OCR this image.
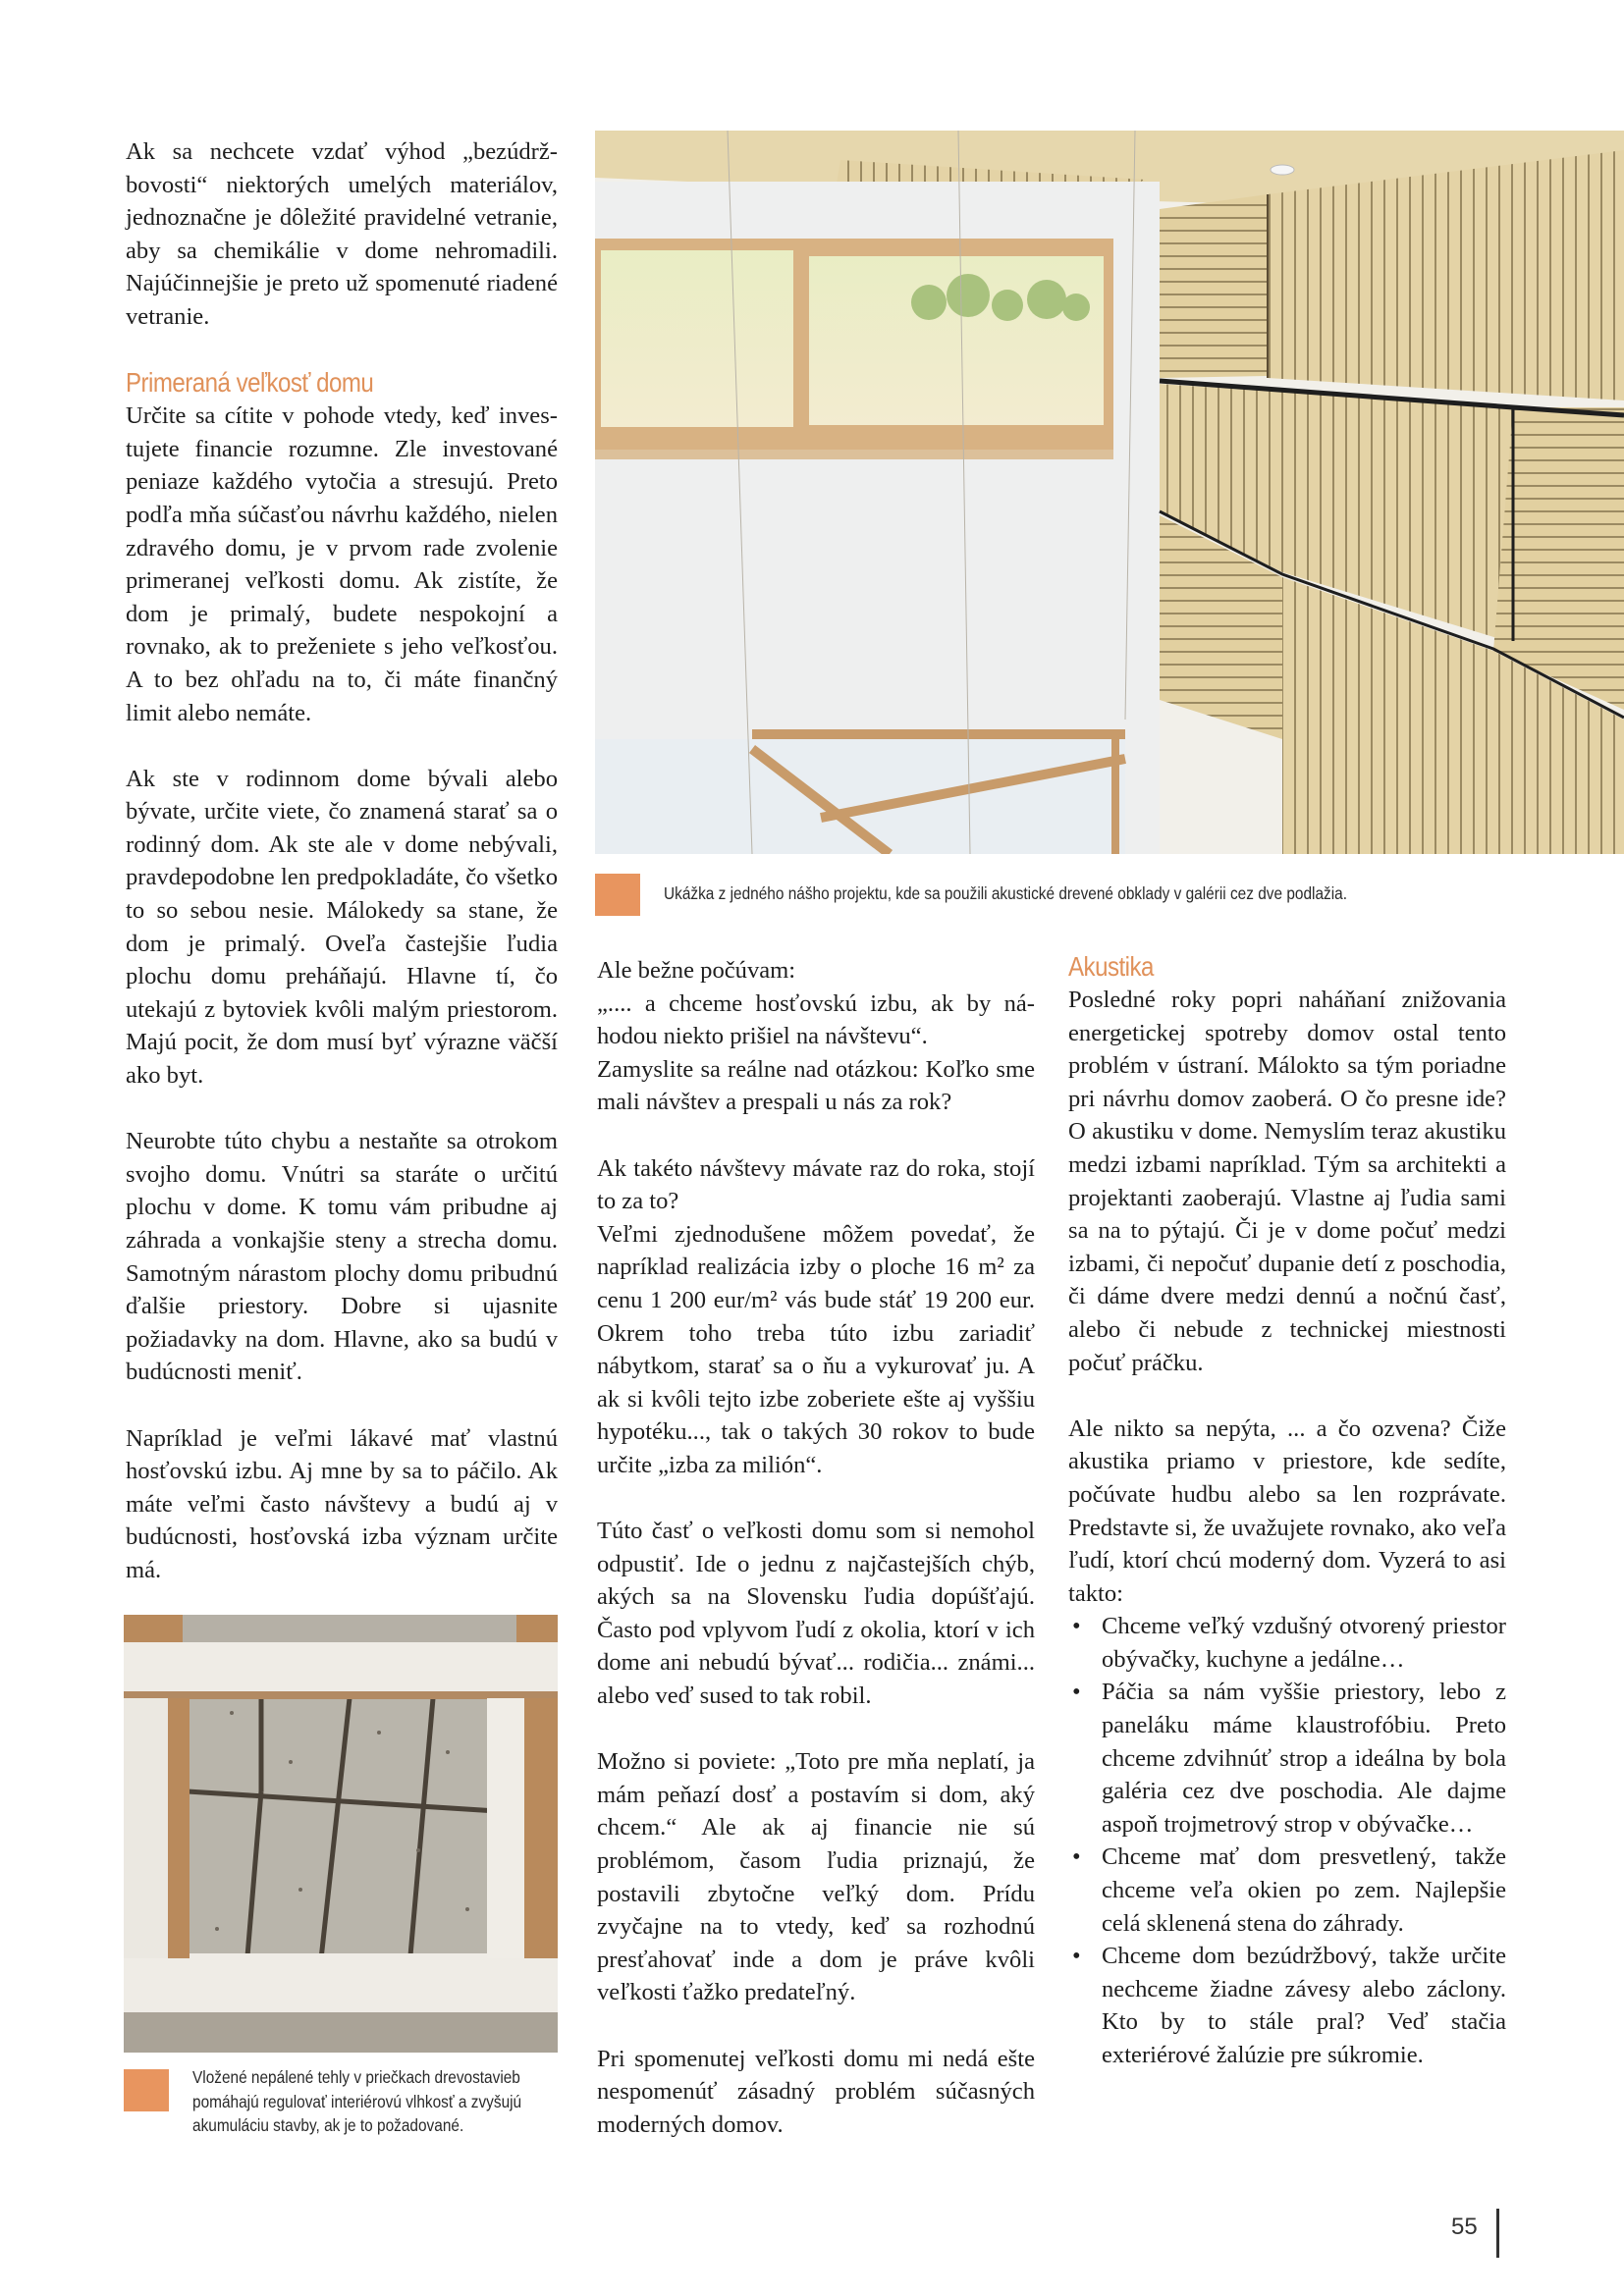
Ak sa nechcete vzdať výhod „bezúdržbovosti“ niektorých umelých materiálov, jednoznačne je dôležité pravidelné vetranie, aby sa chemikálie v dome nehromadili. Najúčinnejšie je preto už spomenuté riadené vetranie.

Primeraná veľkosť domu

Určite sa cítite v pohode vtedy, keď investujete financie rozumne. Zle investované peniaze každého vytočia a stresujú. Preto podľa mňa súčasťou návrhu každého, nielen zdravého domu, je v prvom rade zvolenie primeranej veľkosti domu. Ak zistíte, že dom je primalý, budete nespokojní a rovnako, ak to preženiete s jeho veľkosťou. A to bez ohľadu na to, či máte finančný limit alebo nemáte.

Ak ste v rodinnom dome bývali alebo bývate, určite viete, čo znamená starať sa o rodinný dom. Ak ste ale v dome nebývali, pravdepodobne len predpokladáte, čo všetko to so sebou nesie. Málokedy sa stane, že dom je primalý. Oveľa častejšie ľudia plochu domu preháňajú. Hlavne tí, čo utekajú z bytoviek kvôli malým priestorom. Majú pocit, že dom musí byť výrazne väčší ako byt.

Neurobte túto chybu a nestaňte sa otrokom svojho domu. Vnútri sa staráte o určitú plochu v dome. K tomu vám pribudne aj záhrada a vonkajšie steny a strecha domu. Samotným nárastom plochy domu pribudnú ďalšie priestory. Dobre si ujasnite požiadavky na dom. Hlavne, ako sa budú v budúcnosti meniť.

Napríklad je veľmi lákavé mať vlastnú hosťovskú izbu. Aj mne by sa to páčilo. Ak máte veľmi často návštevy a budú aj v budúcnosti, hosťovská izba význam určite má.

Ukážka z jedného nášho projektu, kde sa použili akustické drevené obklady v galérii cez dve podlažia.

Ale bežne počúvam:

„.... a chceme hosťovskú izbu, ak by náhodou niekto prišiel na návštevu“.

Zamyslite sa reálne nad otázkou: Koľko sme mali návštev a prespali u nás za rok?

Ak takéto návštevy mávate raz do roka, stojí to za to?

Veľmi zjednodušene môžem povedať, že napríklad realizácia izby o ploche 16 m² za cenu 1 200 eur/m² vás bude stáť 19 200 eur. Okrem toho treba túto izbu zariadiť nábytkom, starať sa o ňu a vykurovať ju. A ak si kvôli tejto izbe zoberiete ešte aj vyššiu hypotéku..., tak o takých 30 rokov to bude určite „izba za milión“.

Túto časť o veľkosti domu som si nemohol odpustiť. Ide o jednu z najčastejších chýb, akých sa na Slovensku ľudia dopúšťajú. Často pod vplyvom ľudí z okolia, ktorí v ich dome ani nebudú bývať... rodičia... známi... alebo veď sused to tak robil.

Možno si poviete: „Toto pre mňa neplatí, ja mám peňazí dosť a postavím si dom, aký chcem.“ Ale ak aj financie nie sú problémom, časom ľudia priznajú, že postavili zbytočne veľký dom. Prídu zvyčajne na to vtedy, keď sa rozhodnú presťahovať inde a dom je práve kvôli veľkosti ťažko predateľný.

Pri spomenutej veľkosti domu mi nedá ešte nespomenúť zásadný problém súčasných moderných domov.

Akustika

Posledné roky popri naháňaní znižovania energetickej spotreby domov ostal tento problém v ústraní. Málokto sa tým poriadne pri návrhu domov zaoberá. O čo presne ide? O akustiku v dome. Nemyslím teraz akustiku medzi izbami napríklad. Tým sa architekti a projektanti zaoberajú. Vlastne aj ľudia sami sa na to pýtajú. Či je v dome počuť medzi izbami, či nepočuť dupanie detí z poschodia, či dáme dvere medzi dennú a nočnú časť, alebo či nebude z technickej miestnosti počuť práčku.

Ale nikto sa nepýta, ... a čo ozvena? Čiže akustika priamo v priestore, kde sedíte, počúvate hudbu alebo sa len rozprávate. Predstavte si, že uvažujete rovnako, ako veľa ľudí, ktorí chcú moderný dom. Vyzerá to asi takto:

• Chceme veľký vzdušný otvorený priestor obývačky, kuchyne a jedálne…
• Páčia sa nám vyššie priestory, lebo z paneláku máme klaustrofóbiu. Preto chceme zdvihnúť strop a ideálna by bola galéria cez dve poschodia. Ale dajme aspoň trojmetrový strop v obývačke…
• Chceme mať dom presvetlený, takže chceme veľa okien po zem. Najlepšie celá sklenená stena do záhrady.
• Chceme dom bezúdržbový, takže určite nechceme žiadne závesy alebo záclony. Kto by to stále pral? Veď stačia exteriérové žalúzie pre súkromie.
Vložené nepálené tehly v priečkach drevostavieb pomáhajú regulovať interiérovú vlhkosť a zvyšujú akumuláciu stavby, ak je to požadované.
55
